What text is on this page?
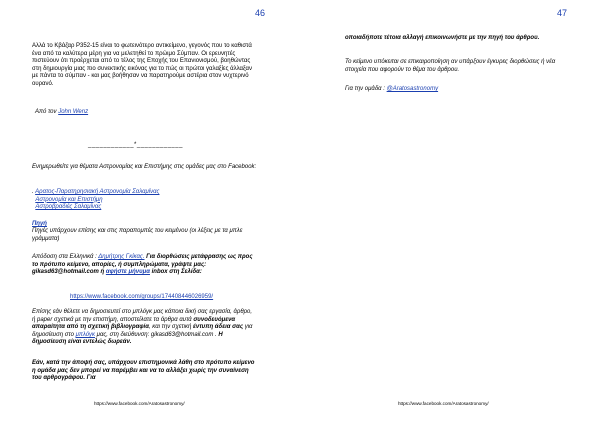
46
Αλλά το Κβάζαρ P352-15 είναι το φωτεινότερο αντικείμενο, γεγονός που το καθιστά ένα από τα καλύτερα μέρη για να μελετηθεί το πρώιμο Σύμπαν. Οι ερευνητές πιστεύουν ότι προέρχεται από το τέλος της Εποχής του Επανιονισμού, βοηθώντας στη δημιουργία μιας πιο συνεκτικής εικόνας για το πώς οι πρώτοι γαλαξίες άλλαξαν με πάντα το σύμπαν - και μας βοήθησαν να παρατηρούμε αστέρια στον νυχτερινό ουρανό.
Από τον John Wenz
____________*____________
Ενημερωθείτε για θέματα Αστρονομίας και Επιστήμης στις ομάδες μας στο Facebook:
. Αρατος-Παρατηρησιακή Αστρονομία Σαλαμίνας
Αστρονομία και Επιστήμη
Αστροβραδιές Σαλαμίνας
Πηγή
Πηγές υπάρχουν επίσης και στις παραπομπές του κειμένου (οι λέξεις με τα μπλε γράμματα)
Απόδοση στα Ελληνικά : Δημήτρης Γκίκας. Για διορθώσεις μετάφρασης ως προς το πρότυπο κείμενο, απορίες, ή συμπληρώματα, γράψτε μας: gikasd63@hotmail.com ή αφήστε μήνυμα inbox στη Σελίδα:
https://www.facebook.com/groups/174408446026959/
Επίσης εάν θέλετε να δημοσιευτεί στο μπλόγκ μας κάποια δική σας εργασία, άρθρο, ή paper σχετικά με την επιστήμη, αποστείλατε τα άρθρα αυτά συνοδευόμενα απαραίτητα από τη σχετική βιβλιογραφία, και την σχετική έντυπη άδεια σας για δημοσίευση στο μπλόγκ μας, στη διεύθυνση: gikasd63@hotmail.com . Η δημοσίευση είναι εντελώς δωρεάν.
Εάν, κατά την άποψή σας, υπάρχουν επιστημονικά λάθη στο πρότυπο κείμενο η ομάδα μας δεν μπορεί να παρέμβει και να το αλλάξει χωρίς την συναίνεση του αρθρογράφου. Για
https://www.facebook.com/Aratosastronomy/
47
οποιαδήποτε τέτοια αλλαγή επικοινωνήστε με την πηγή του άρθρου.
Το κείμενο υπόκειται σε επικαιροποίηση αν υπάρξουν έγκυρες διορθώσεις ή νέα στοιχεία που αφορούν το θέμα του άρθρου.
Για την ομάδα : @Aratosastronomy
https://www.facebook.com/Aratosastronomy/
